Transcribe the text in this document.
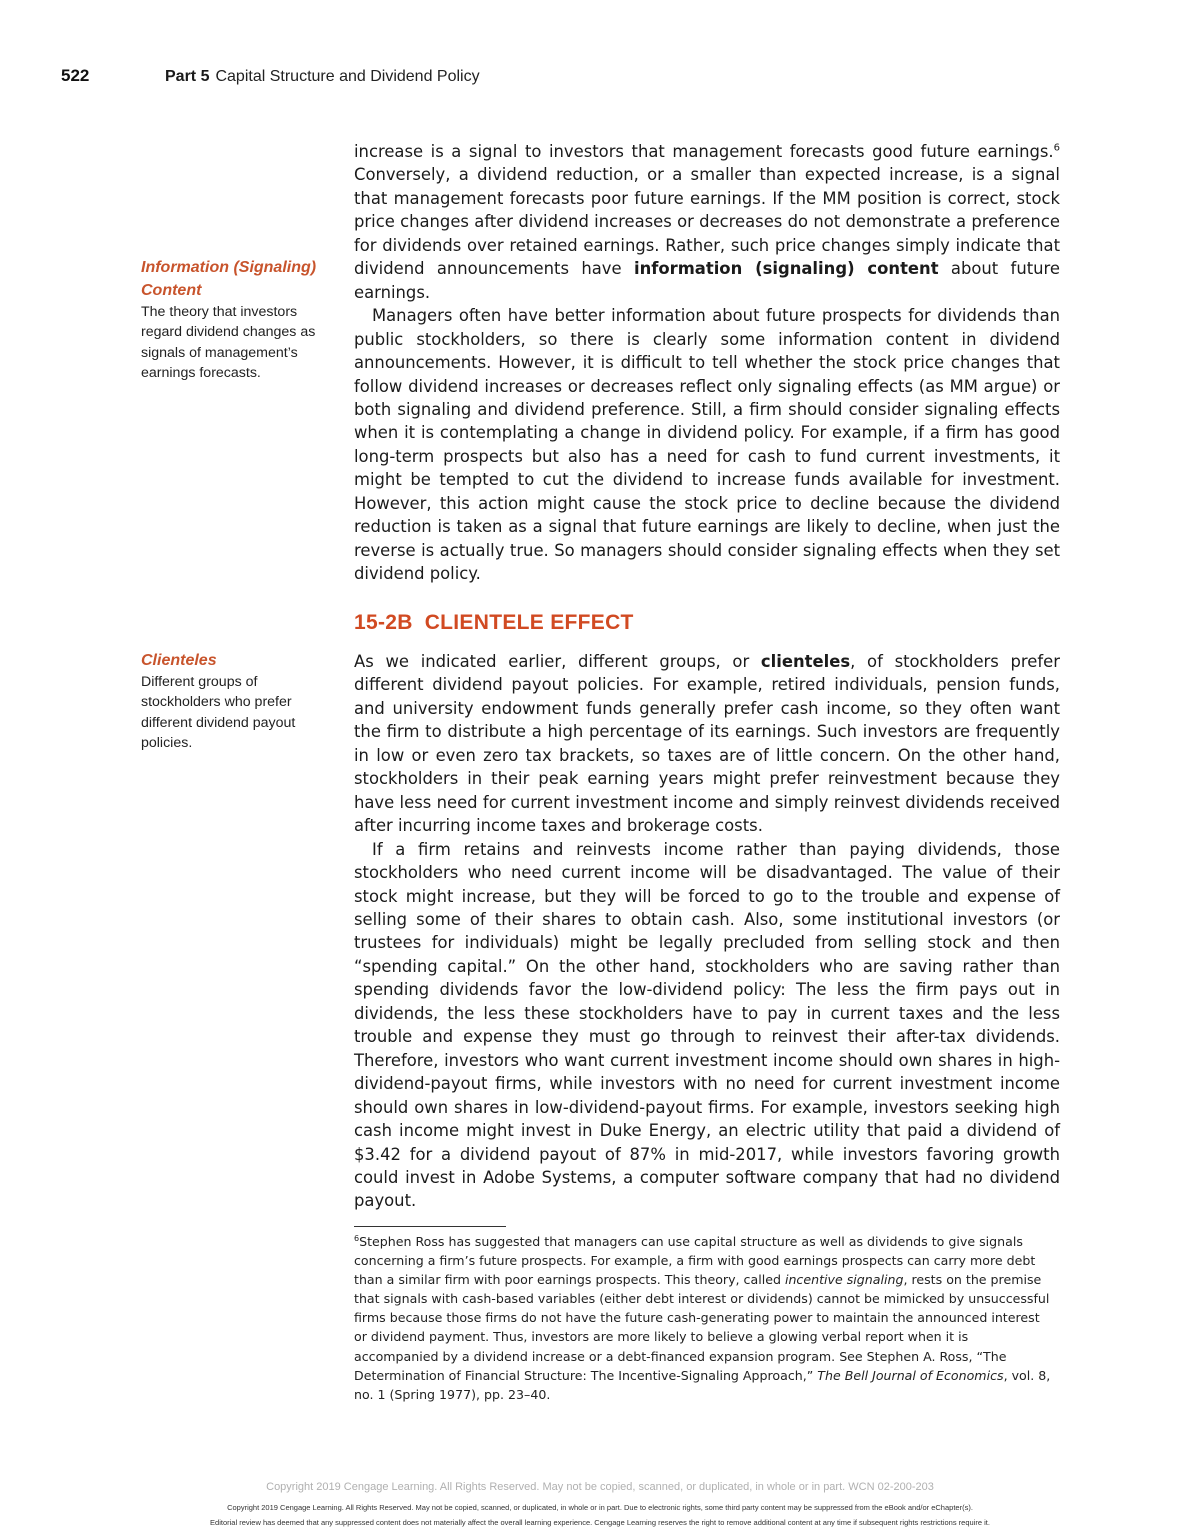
522	Part 5 Capital Structure and Dividend Policy
Information (Signaling) Content
The theory that investors regard dividend changes as signals of management’s earnings forecasts.
Clienteles
Different groups of stockholders who prefer different dividend payout policies.

increase is a signal to investors that management forecasts good future earnings.$^6$ Conversely, a dividend reduction, or a smaller than expected increase, is a signal that management forecasts poor future earnings. If the MM position is correct, stock price changes after dividend increases or decreases do not demonstrate a preference for dividends over retained earnings. Rather, such price changes simply indicate that dividend announcements have information (signaling) content about future earnings.

Managers often have better information about future prospects for dividends than public stockholders, so there is clearly some information content in dividend announcements. However, it is difficult to tell whether the stock price changes that follow dividend increases or decreases reflect only signaling effects (as MM argue) or both signaling and dividend preference. Still, a firm should consider signaling effects when it is contemplating a change in dividend policy. For example, if a firm has good long-term prospects but also has a need for cash to fund current investments, it might be tempted to cut the dividend to increase funds available for investment. However, this action might cause the stock price to decline because the dividend reduction is taken as a signal that future earnings are likely to decline, when just the reverse is actually true. So managers should consider signaling effects when they set dividend policy.

15-2B CLIENTELE EFFECT

As we indicated earlier, different groups, or clienteles, of stockholders prefer different dividend payout policies. For example, retired individuals, pension funds, and university endowment funds generally prefer cash income, so they often want the firm to distribute a high percentage of its earnings. Such investors are frequently in low or even zero tax brackets, so taxes are of little concern. On the other hand, stockholders in their peak earning years might prefer reinvestment because they have less need for current investment income and simply reinvest dividends received after incurring income taxes and brokerage costs.

If a firm retains and reinvests income rather than paying dividends, those stockholders who need current income will be disadvantaged. The value of their stock might increase, but they will be forced to go to the trouble and expense of selling some of their shares to obtain cash. Also, some institutional investors (or trustees for individuals) might be legally precluded from selling stock and then “spending capital.” On the other hand, stockholders who are saving rather than spending dividends favor the low-dividend policy: The less the firm pays out in dividends, the less these stockholders have to pay in current taxes and the less trouble and expense they must go through to reinvest their after-tax dividends. Therefore, investors who want current investment income should own shares in high-dividend-payout firms, while investors with no need for current investment income should own shares in low-dividend-payout firms. For example, investors seeking high cash income might invest in Duke Energy, an electric utility that paid a dividend of $3.42 for a dividend payout of 87% in mid-2017, while investors favoring growth could invest in Adobe Systems, a computer software company that had no dividend payout.

$^6$Stephen Ross has suggested that managers can use capital structure as well as dividends to give signals concerning a firm’s future prospects. For example, a firm with good earnings prospects can carry more debt than a similar firm with poor earnings prospects. This theory, called incentive signaling, rests on the premise that signals with cash-based variables (either debt interest or dividends) cannot be mimicked by unsuccessful firms because those firms do not have the future cash-generating power to maintain the announced interest or dividend payment. Thus, investors are more likely to believe a glowing verbal report when it is accompanied by a dividend increase or a debt-financed expansion program. See Stephen A. Ross, “The Determination of Financial Structure: The Incentive-Signaling Approach,” The Bell Journal of Economics, vol. 8, no. 1 (Spring 1977), pp. 23–40.
Copyright 2019 Cengage Learning. All Rights Reserved. May not be copied, scanned, or duplicated, in whole or in part. WCN 02-200-203
Copyright 2019 Cengage Learning. All Rights Reserved. May not be copied, scanned, or duplicated, in whole or in part. Due to electronic rights, some third party content may be suppressed from the eBook and/or eChapter(s).
Editorial review has deemed that any suppressed content does not materially affect the overall learning experience. Cengage Learning reserves the right to remove additional content at any time if subsequent rights restrictions require it.
